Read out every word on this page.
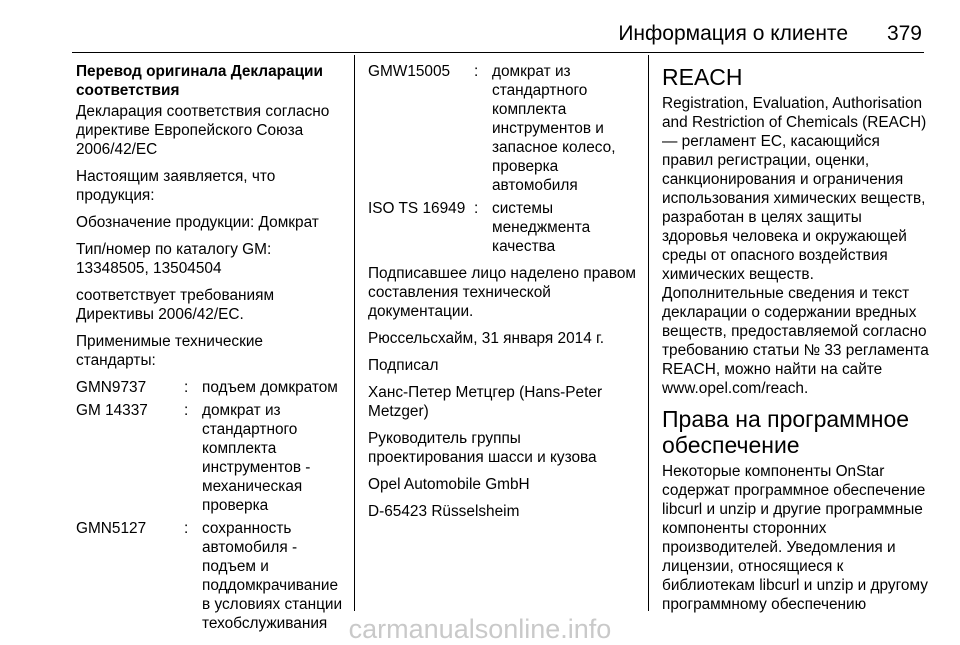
Информация о клиенте 379

Перевод оригинала Декларации соответствия

Декларация соответствия согласно директиве Европейского Союза 2006/42/EC

Настоящим заявляется, что продукция:

Обозначение продукции: Домкрат

Тип/номер по каталогу GM: 13348505, 13504504

соответствует требованиям Директивы 2006/42/EC.

Применимые технические стандарты:

GMN9737	:	подъем домкратом
GM 14337	:	домкрат из стандартного комплекта инструментов - механическая проверка
GMN5127	:	сохранность автомобиля - подъем и поддомкрачивание в условиях станции техобслуживания
GMW15005	:	домкрат из стандартного комплекта инструментов и запасное колесо, проверка автомобиля
ISO TS 16949	:	системы менеджмента качества

Подписавшее лицо наделено правом составления технической документации.

Рюссельсхайм, 31 января 2014 г.

Подписал

Ханс-Петер Метцгер (Hans-Peter Metzger)

Руководитель группы проектирования шасси и кузова

Opel Automobile GmbH

D-65423 Rüsselsheim

REACH

Registration, Evaluation, Authorisation and Restriction of Chemicals (REACH) — регламент ЕС, касающийся правил регистрации, оценки, санкционирования и ограничения использования химических веществ, разработан в целях защиты здоровья человека и окружающей среды от опасного воздействия химических веществ. Дополнительные сведения и текст декларации о содержании вредных веществ, предоставляемой согласно требованию статьи № 33 регламента REACH, можно найти на сайте www.opel.com/reach.

Права на программное обеспечение

Некоторые компоненты OnStar содержат программное обеспечение libcurl и unzip и другие программные компоненты сторонних производителей. Уведомления и лицензии, относящиеся к библиотекам libcurl и unzip и другому программному обеспечению

carmanualsonline.info
